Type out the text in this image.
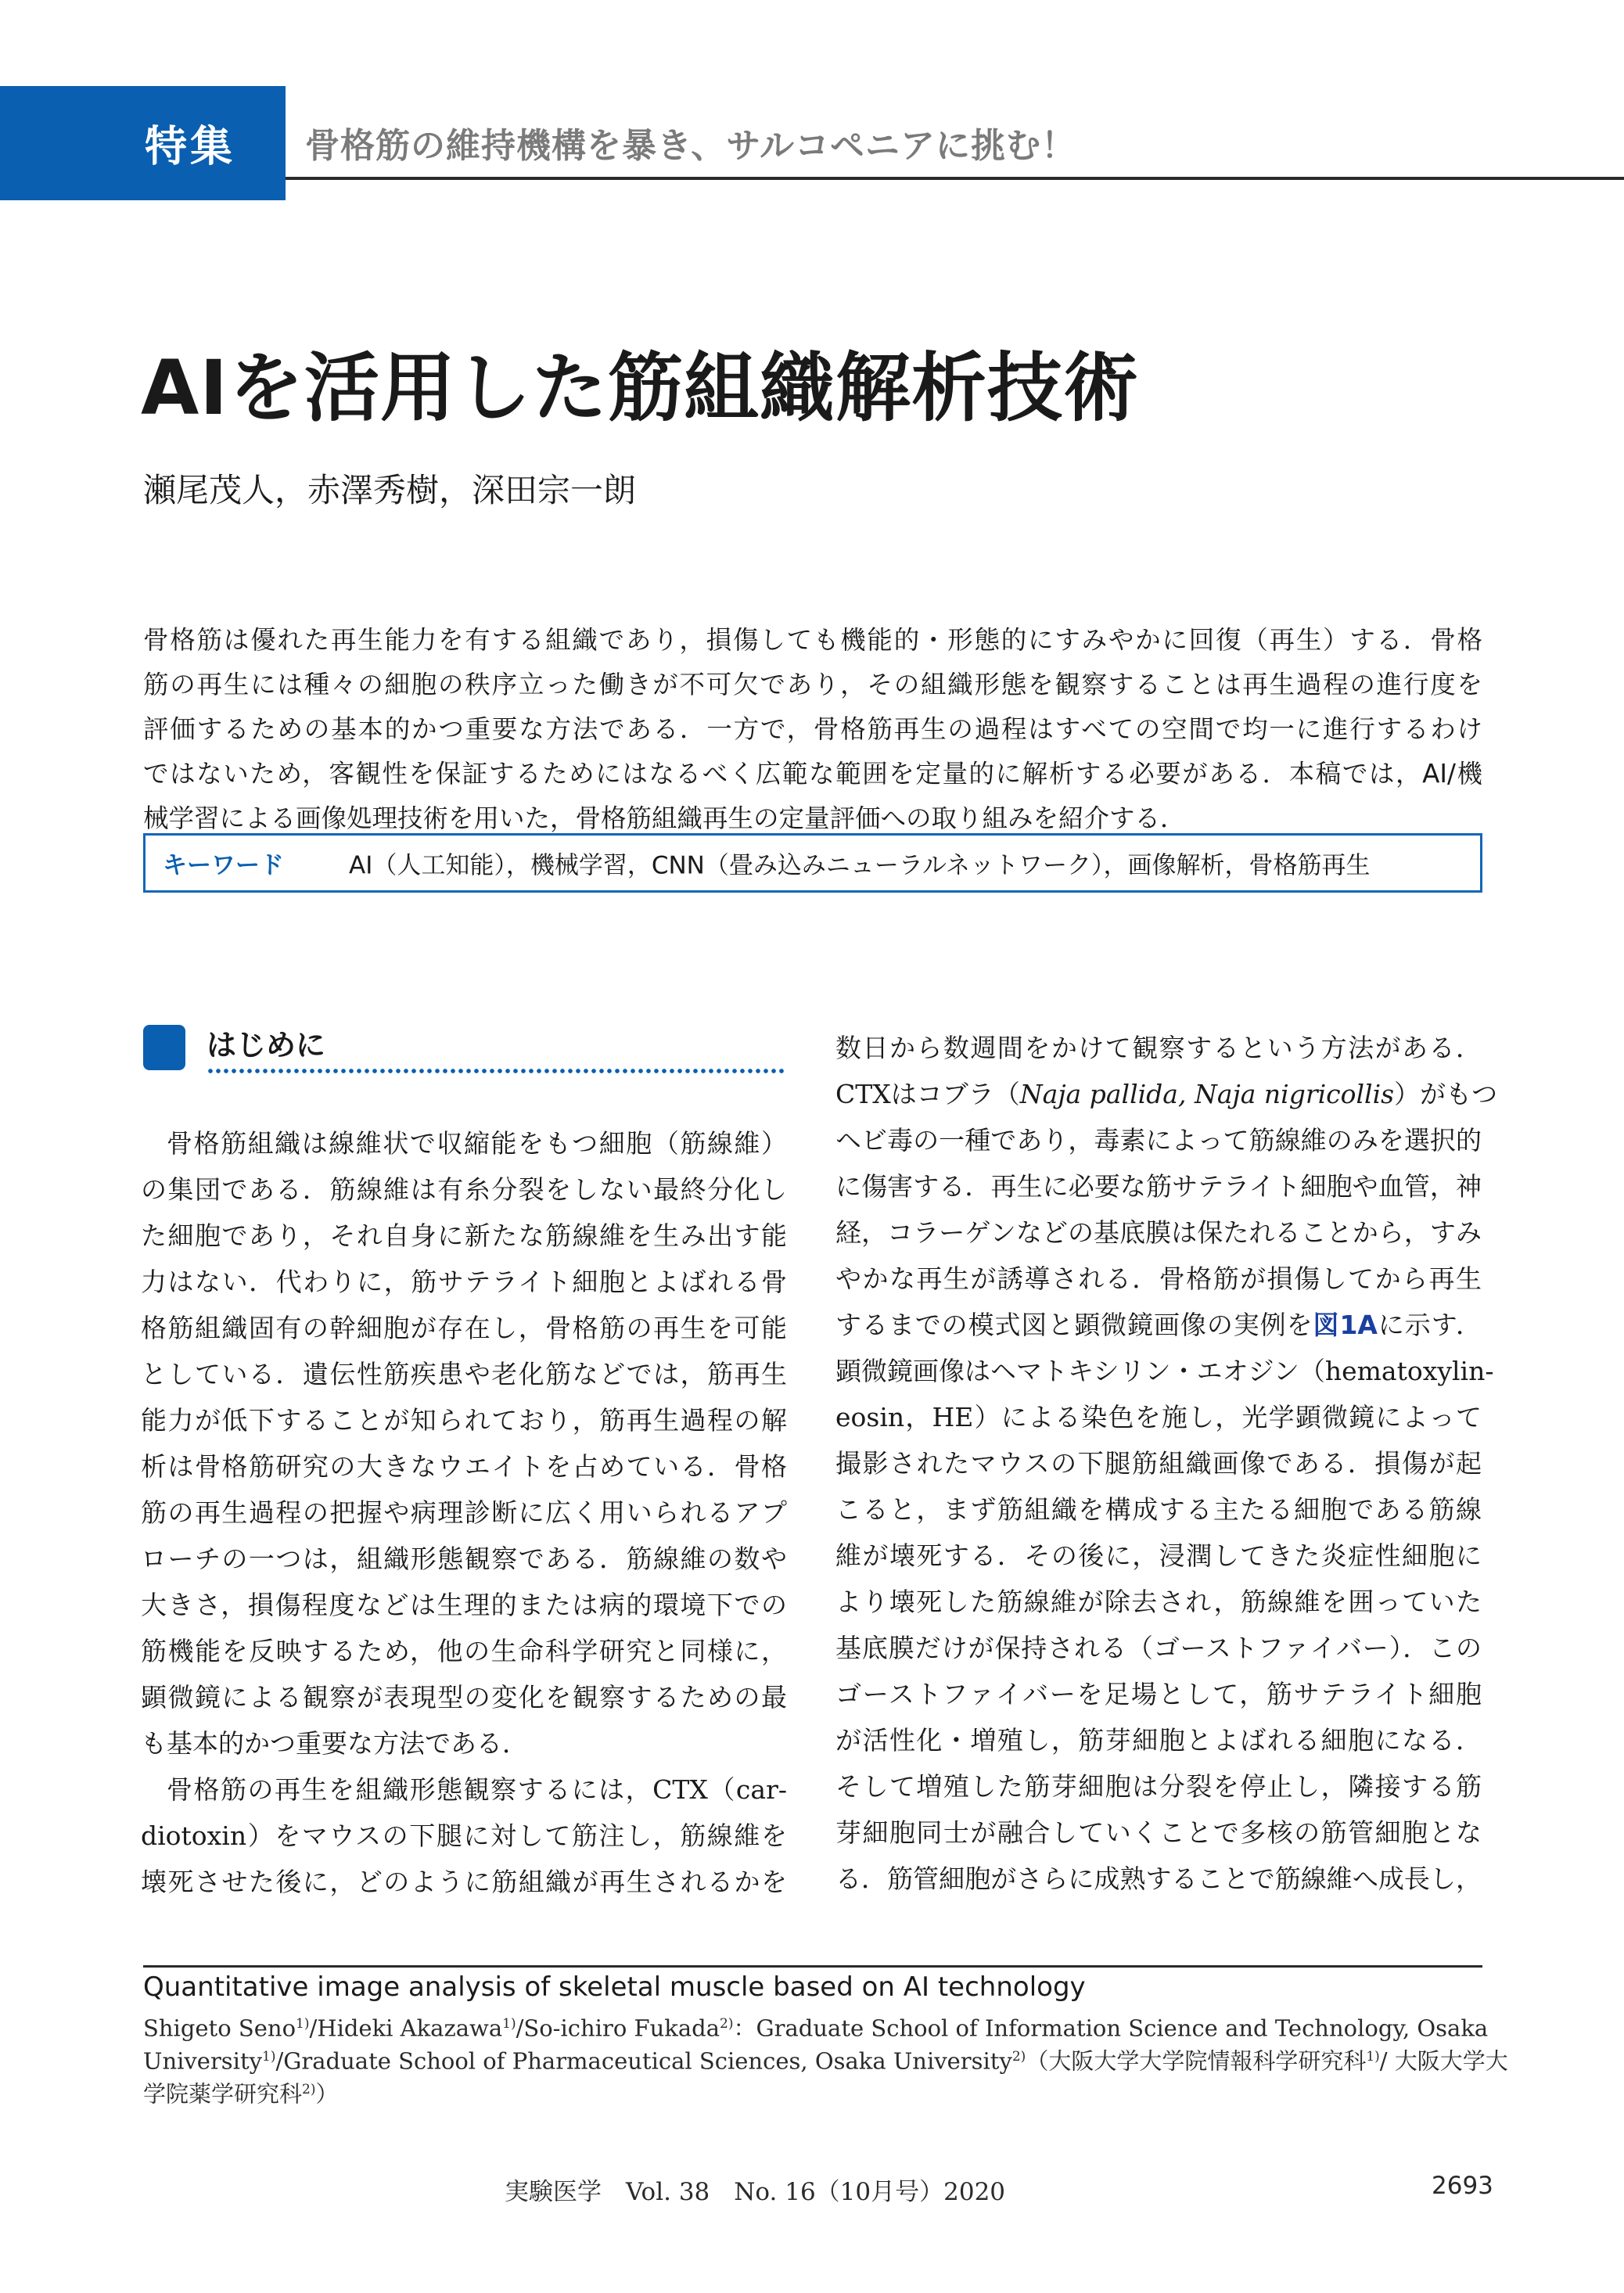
特集 骨格筋の維持機構を暴き、サルコペニアに挑む！
AIを活用した筋組織解析技術
瀬尾茂人，赤澤秀樹，深田宗一朗
骨格筋は優れた再生能力を有する組織であり，損傷しても機能的・形態的にすみやかに回復（再生）する．骨格
筋の再生には種々の細胞の秩序立った働きが不可欠であり，その組織形態を観察することは再生過程の進行度を
評価するための基本的かつ重要な方法である．一方で，骨格筋再生の過程はすべての空間で均一に進行するわけ
ではないため，客観性を保証するためにはなるべく広範な範囲を定量的に解析する必要がある．本稿では，AI/機
械学習による画像処理技術を用いた，骨格筋組織再生の定量評価への取り組みを紹介する．
キーワード	AI（人工知能），機械学習，CNN（畳み込みニューラルネットワーク），画像解析，骨格筋再生
はじめに
骨格筋組織は線維状で収縮能をもつ細胞（筋線維）
の集団である．筋線維は有糸分裂をしない最終分化し
た細胞であり，それ自身に新たな筋線維を生み出す能
力はない．代わりに，筋サテライト細胞とよばれる骨
格筋組織固有の幹細胞が存在し，骨格筋の再生を可能
としている．遺伝性筋疾患や老化筋などでは，筋再生
能力が低下することが知られており，筋再生過程の解
析は骨格筋研究の大きなウエイトを占めている．骨格
筋の再生過程の把握や病理診断に広く用いられるアプ
ローチの一つは，組織形態観察である．筋線維の数や
大きさ，損傷程度などは生理的または病的環境下での
筋機能を反映するため，他の生命科学研究と同様に，
顕微鏡による観察が表現型の変化を観察するための最
も基本的かつ重要な方法である．
骨格筋の再生を組織形態観察するには，CTX（car-
diotoxin）をマウスの下腿に対して筋注し，筋線維を
壊死させた後に，どのように筋組織が再生されるかを
数日から数週間をかけて観察するという方法がある．
CTXはコブラ（Naja pallida, Naja nigricollis）がもつ
ヘビ毒の一種であり，毒素によって筋線維のみを選択的
に傷害する．再生に必要な筋サテライト細胞や血管，神
経，コラーゲンなどの基底膜は保たれることから，すみ
やかな再生が誘導される．骨格筋が損傷してから再生
するまでの模式図と顕微鏡画像の実例を図1Aに示す．
顕微鏡画像はヘマトキシリン・エオジン（hematoxylin-
eosin，HE）による染色を施し，光学顕微鏡によって
撮影されたマウスの下腿筋組織画像である．損傷が起
こると，まず筋組織を構成する主たる細胞である筋線
維が壊死する．その後に，浸潤してきた炎症性細胞に
より壊死した筋線維が除去され，筋線維を囲っていた
基底膜だけが保持される（ゴーストファイバー）．この
ゴーストファイバーを足場として，筋サテライト細胞
が活性化・増殖し，筋芽細胞とよばれる細胞になる．
そして増殖した筋芽細胞は分裂を停止し，隣接する筋
芽細胞同士が融合していくことで多核の筋管細胞とな
る．筋管細胞がさらに成熟することで筋線維へ成長し，
Quantitative image analysis of skeletal muscle based on AI technology
Shigeto Seno$^{1)}$/Hideki Akazawa$^{1)}$/So-ichiro Fukada$^{2)}$：Graduate School of Information Science and Technology, Osaka
University$^{1)}$/Graduate School of Pharmaceutical Sciences, Osaka University$^{2)}$（大阪大学大学院情報科学研究科$^{1)}$/ 大阪大学大
学院薬学研究科$^{2)}$）
実験医学　Vol. 38　No. 16（10月号）2020	2693
